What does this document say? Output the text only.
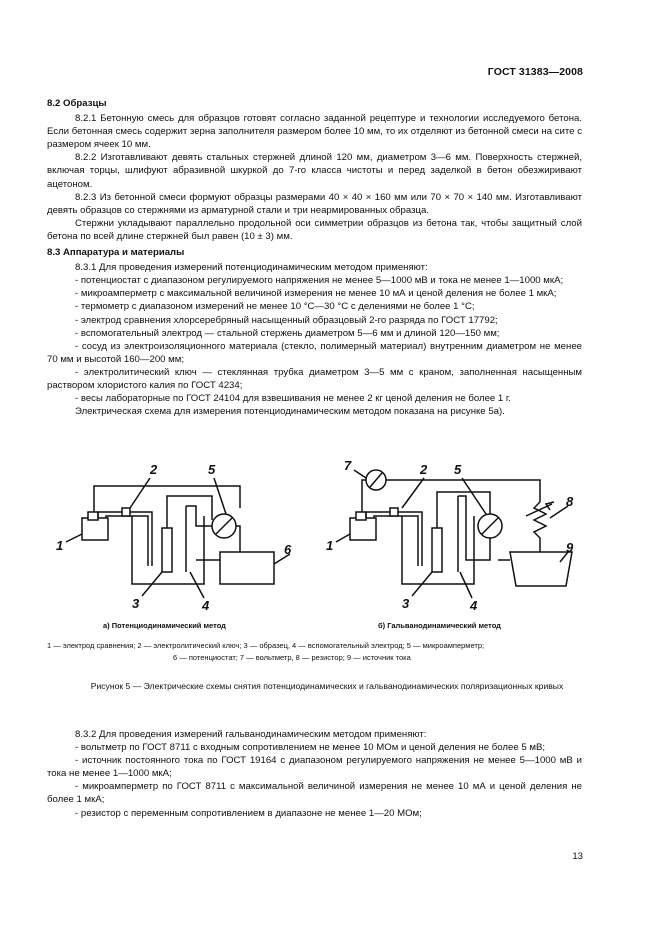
ГОСТ 31383—2008

8.2 Образцы

8.2.1 Бетонную смесь для образцов готовят согласно заданной рецептуре и технологии исследуемого бетона. Если бетонная смесь содержит зерна заполнителя размером более 10 мм, то их отделяют из бетонной смеси на сите с размером ячеек 10 мм.

8.2.2 Изготавливают девять стальных стержней длиной 120 мм, диаметром 3—6 мм. Поверхность стержней, включая торцы, шлифуют абразивной шкуркой до 7-го класса чистоты и перед заделкой в бетон обезжиривают ацетоном.

8.2.3 Из бетонной смеси формуют образцы размерами 40 × 40 × 160 мм или 70 × 70 × 140 мм. Изготавливают девять образцов со стержнями из арматурной стали и три неармированных образца.

Стержни укладывают параллельно продольной оси симметрии образцов из бетона так, чтобы защитный слой бетона по всей длине стержней был равен (10 ± 3) мм.

8.3 Аппаратура и материалы

8.3.1 Для проведения измерений потенциодинамическим методом применяют:

- потенциостат с диапазоном регулируемого напряжения не менее 5—1000 мВ и тока не менее 1—1000 мкА;

- микроамперметр с максимальной величиной измерения не менее 10 мА и ценой деления не более 1 мкА;

- термометр с диапазоном измерений не менее 10 °С—30 °С с делениями не более 1 °С;

- электрод сравнения хлорсеребряный насыщенный образцовый 2-го разряда по ГОСТ 17792;

- вспомогательный электрод — стальной стержень диаметром 5—6 мм и длиной 120—150 мм;

- сосуд из электроизоляционного материала (стекло, полимерный материал) внутренним диаметром не менее 70 мм и высотой 160—200 мм;

- электролитический ключ — стеклянная трубка диаметром 3—5 мм с краном, заполненная насыщенным раствором хлористого калия по ГОСТ 4234;

- весы лабораторные по ГОСТ 24104 для взвешивания не менее 2 кг ценой деления не более 1 г.

Электрическая схема для измерения потенциодинамическим методом показана на рисунке 5а).

1
2
3	4
5
6	1
2
3	4
5
7
8
9
а) Потенциодинамический метод	б) Гальванодинамический метод

1 — электрод сравнения; 2 — электролитический ключ; 3 — образец, 4 — вспомогательный электрод; 5 — микроамперметр;

6 — потенциостат; 7 — вольтметр, 8 — резистор; 9 — источник тока

Рисунок 5 — Электрические схемы снятия потенциодинамических и гальванодинамических поляризационных кривых

8.3.2 Для проведения измерений гальванодинамическим методом применяют:

- вольтметр по ГОСТ 8711 с входным сопротивлением не менее 10 МОм и ценой деления не более 5 мВ;

- источник постоянного тока по ГОСТ 19164 с диапазоном регулируемого напряжения не менее 5—1000 мВ и тока не менее 1—1000 мкА;

- микроамперметр по ГОСТ 8711 с максимальной величиной измерения не менее 10 мА и ценой деления не более 1 мкА;

- резистор с переменным сопротивлением в диапазоне не менее 1—20 МОм;

13
